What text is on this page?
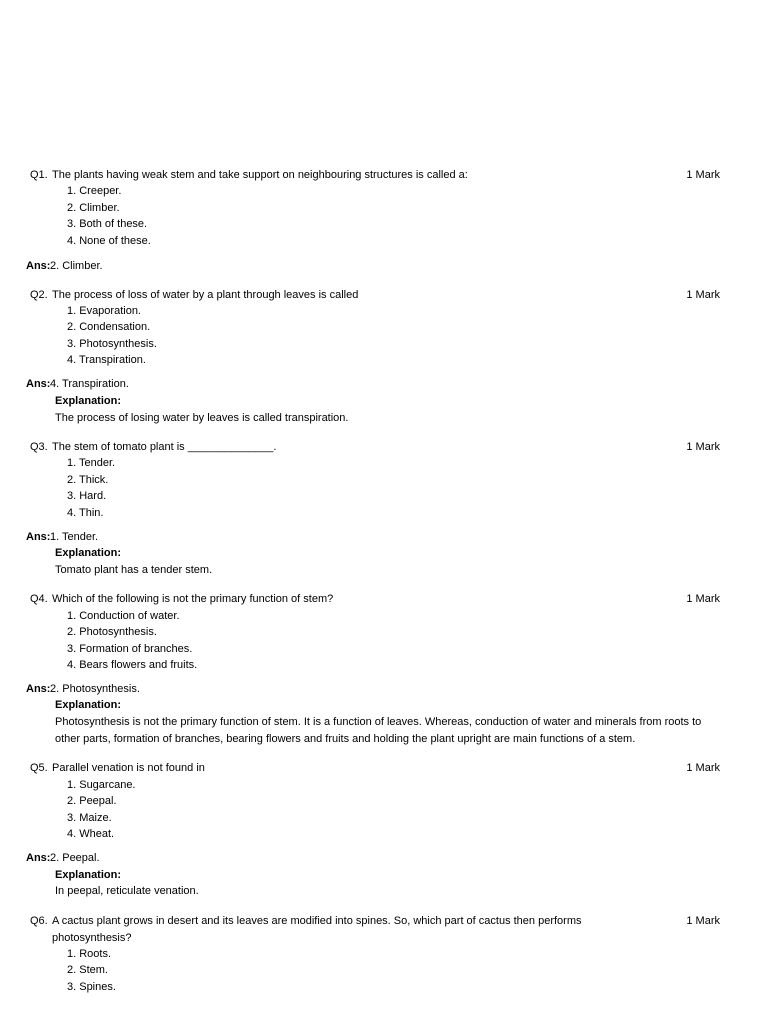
Q1. The plants having weak stem and take support on neighbouring structures is called a:	1 Mark
1. Creeper.
2. Climber.
3. Both of these.
4. None of these.
Ans: 2. Climber.
Q2. The process of loss of water by a plant through leaves is called	1 Mark
1. Evaporation.
2. Condensation.
3. Photosynthesis.
4. Transpiration.
Ans: 4. Transpiration.
Explanation:
The process of losing water by leaves is called transpiration.
Q3. The stem of tomato plant is ______________.	1 Mark
1. Tender.
2. Thick.
3. Hard.
4. Thin.
Ans: 1. Tender.
Explanation:
Tomato plant has a tender stem.
Q4. Which of the following is not the primary function of stem?	1 Mark
1. Conduction of water.
2. Photosynthesis.
3. Formation of branches.
4. Bears flowers and fruits.
Ans: 2. Photosynthesis.
Explanation:
Photosynthesis is not the primary function of stem. It is a function of leaves. Whereas, conduction of water and minerals from roots to other parts, formation of branches, bearing flowers and fruits and holding the plant upright are main functions of a stem.
Q5. Parallel venation is not found in	1 Mark
1. Sugarcane.
2. Peepal.
3. Maize.
4. Wheat.
Ans: 2. Peepal.
Explanation:
In peepal, reticulate venation.
Q6. A cactus plant grows in desert and its leaves are modified into spines. So, which part of cactus then performs	1 Mark
photosynthesis?
1. Roots.
2. Stem.
3. Spines.
